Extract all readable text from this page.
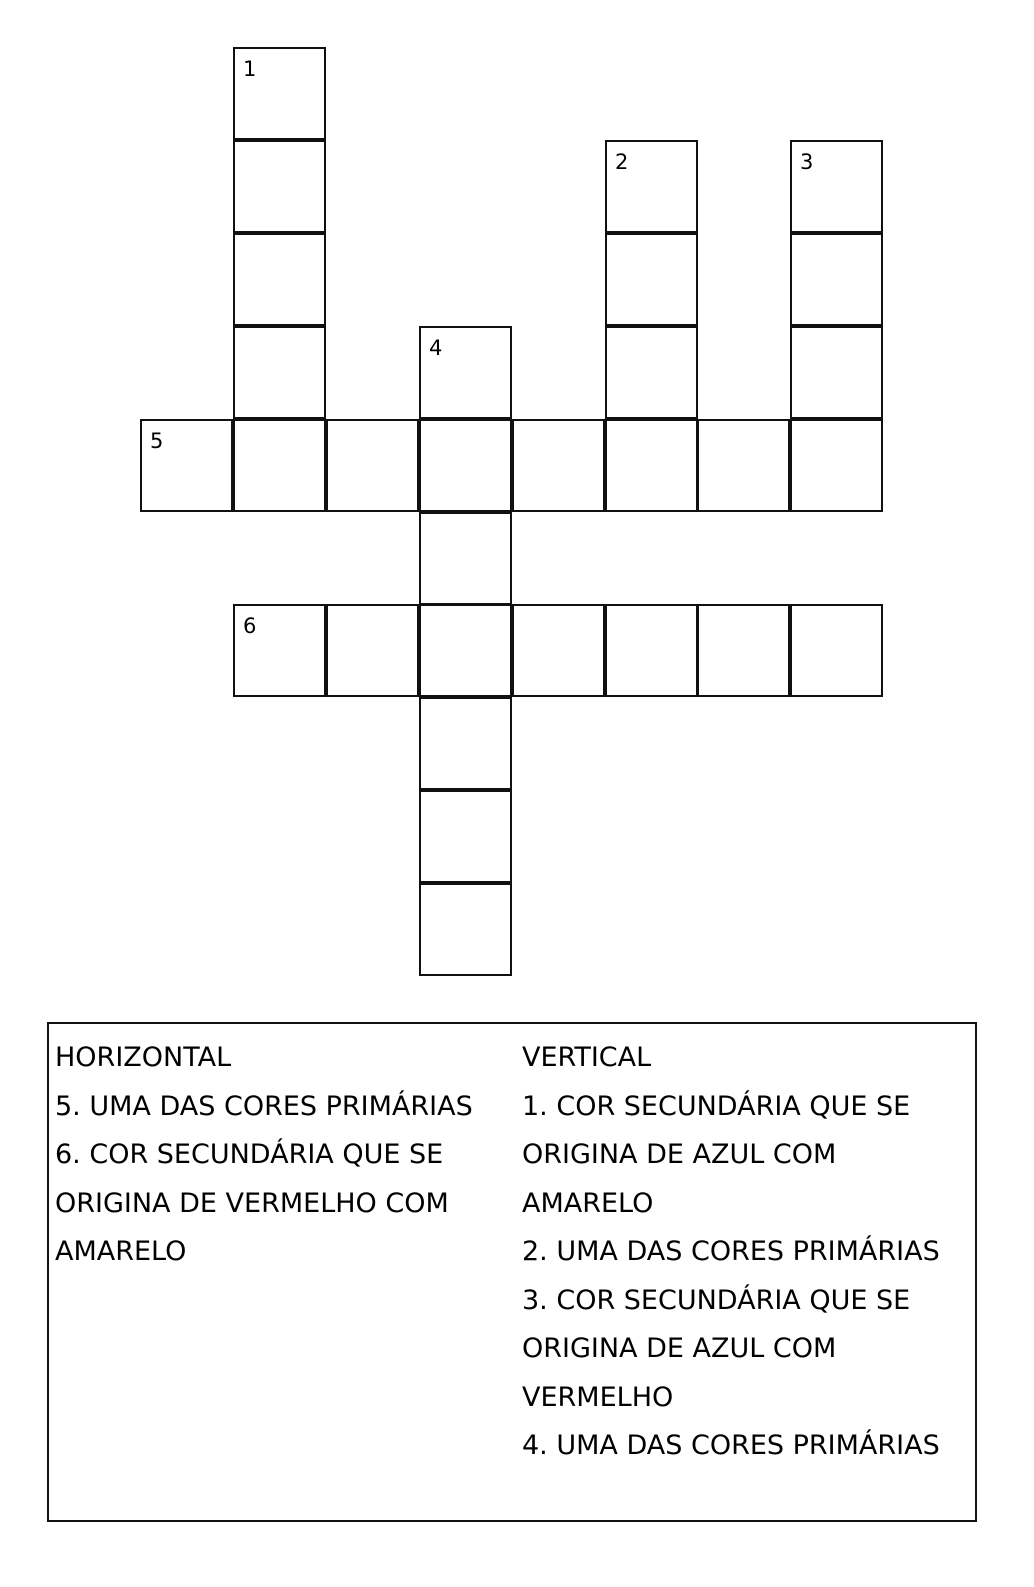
1
2	3
4
5
6
HORIZONTAL
5. UMA DAS CORES PRIMÁRIAS
6. COR SECUNDÁRIA QUE SE
ORIGINA DE VERMELHO COM
AMARELO
VERTICAL
1. COR SECUNDÁRIA QUE SE
ORIGINA DE AZUL COM
AMARELO
2. UMA DAS CORES PRIMÁRIAS
3. COR SECUNDÁRIA QUE SE
ORIGINA DE AZUL COM
VERMELHO
4. UMA DAS CORES PRIMÁRIAS
